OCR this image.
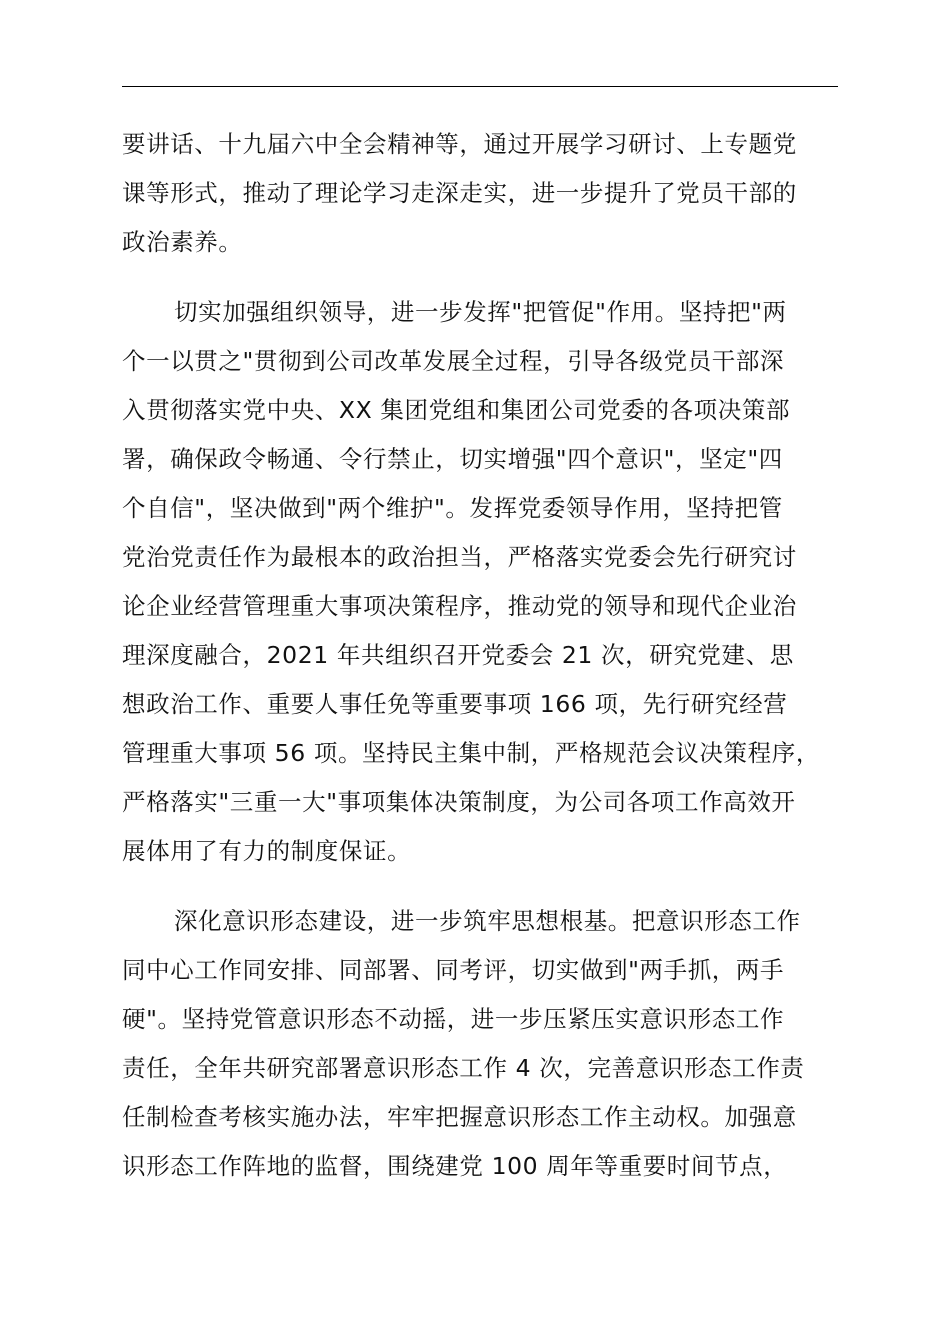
要讲话、十九届六中全会精神等，通过开展学习研讨、上专题党
课等形式，推动了理论学习走深走实，进一步提升了党员干部的
政治素养。
切实加强组织领导，进一步发挥"把管促"作用。坚持把"两
个一以贯之"贯彻到公司改革发展全过程，引导各级党员干部深
入贯彻落实党中央、XX 集团党组和集团公司党委的各项决策部
署，确保政令畅通、令行禁止，切实增强"四个意识"，坚定"四
个自信"，坚决做到"两个维护"。发挥党委领导作用，坚持把管
党治党责任作为最根本的政治担当，严格落实党委会先行研究讨
论企业经营管理重大事项决策程序，推动党的领导和现代企业治
理深度融合，2021 年共组织召开党委会 21 次，研究党建、思
想政治工作、重要人事任免等重要事项 166 项，先行研究经营
管理重大事项 56 项。坚持民主集中制，严格规范会议决策程序，
严格落实"三重一大"事项集体决策制度，为公司各项工作高效开
展体用了有力的制度保证。
深化意识形态建设，进一步筑牢思想根基。把意识形态工作
同中心工作同安排、同部署、同考评，切实做到"两手抓，两手
硬"。坚持党管意识形态不动摇，进一步压紧压实意识形态工作
责任，全年共研究部署意识形态工作 4 次，完善意识形态工作责
任制检查考核实施办法，牢牢把握意识形态工作主动权。加强意
识形态工作阵地的监督，围绕建党 100 周年等重要时间节点，
